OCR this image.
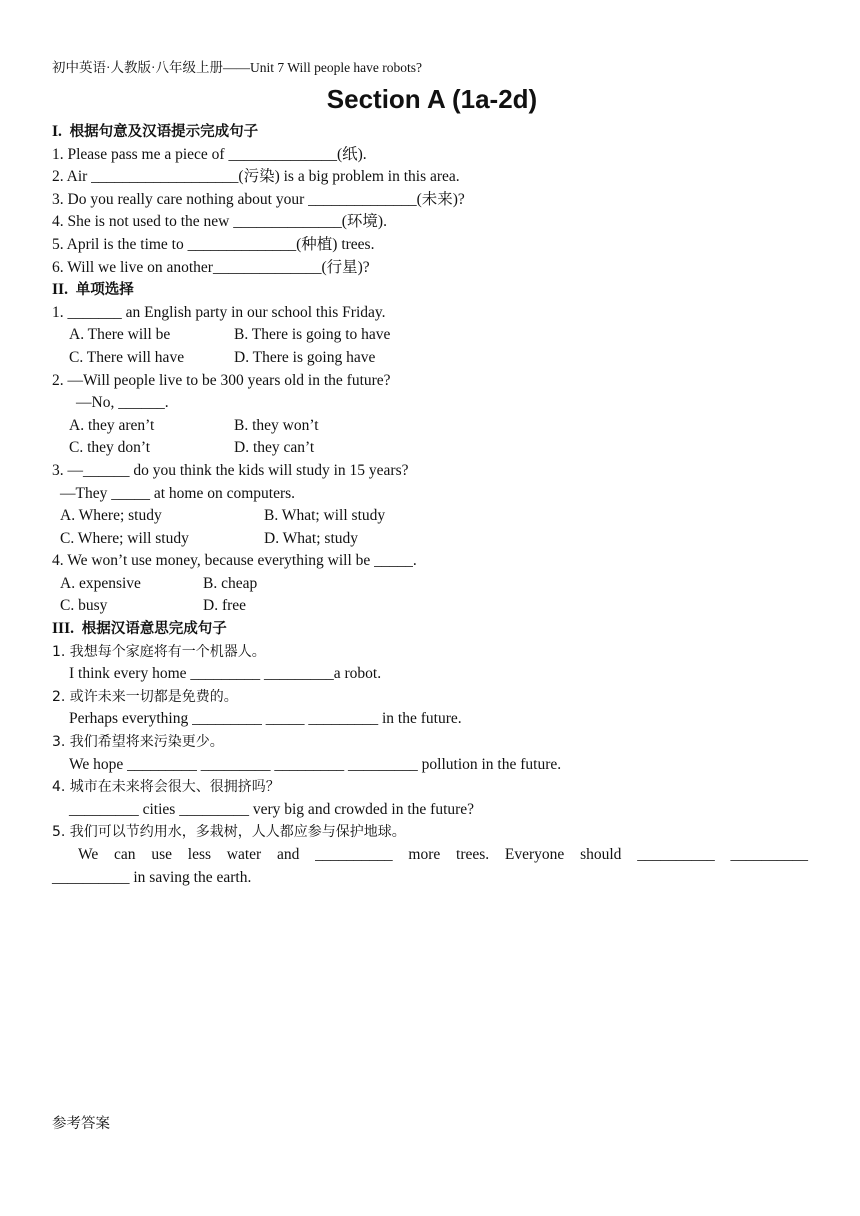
初中英语·人教版·八年级上册——Unit 7 Will people have robots?
Section A (1a-2d)
I. 根据句意及汉语提示完成句子
1. Please pass me a piece of ______________(纸).
2. Air ___________________(污染) is a big problem in this area.
3. Do you really care nothing about your ______________(未来)?
4. She is not used to the new ______________(环境).
5. April is the time to ______________(种植) trees.
6. Will we live on another______________(行星)?
II. 单项选择
1. _______ an English party in our school this Friday.
A. There will be	B. There is going to have
C. There will have	D. There is going have
2. —Will people live to be 300 years old in the future?
—No, ______.
A. they aren’t	B. they won’t
C. they don’t	D. they can’t
3. —______ do you think the kids will study in 15 years?
—They _____ at home on computers.
A. Where; study	B. What; will study
C. Where; will study	D. What; study
4. We won’t use money, because everything will be _____.
A. expensive	B. cheap
C. busy	D. free
III. 根据汉语意思完成句子
1. 我想每个家庭将有一个机器人。
I think every home _________ _________a robot.
2. 或许未来一切都是免费的。
Perhaps everything _________ _____ _________ in the future.
3. 我们希望将来污染更少。
We hope _________ _________ _________ _________ pollution in the future.
4. 城市在未来将会很大、很拥挤吗？
_________ cities _________ very big and crowded in the future?
5. 我们可以节约用水，多栽树，人人都应参与保护地球。
We can use less water and __________ more trees. Everyone should __________ __________
__________ in saving the earth.
参考答案
